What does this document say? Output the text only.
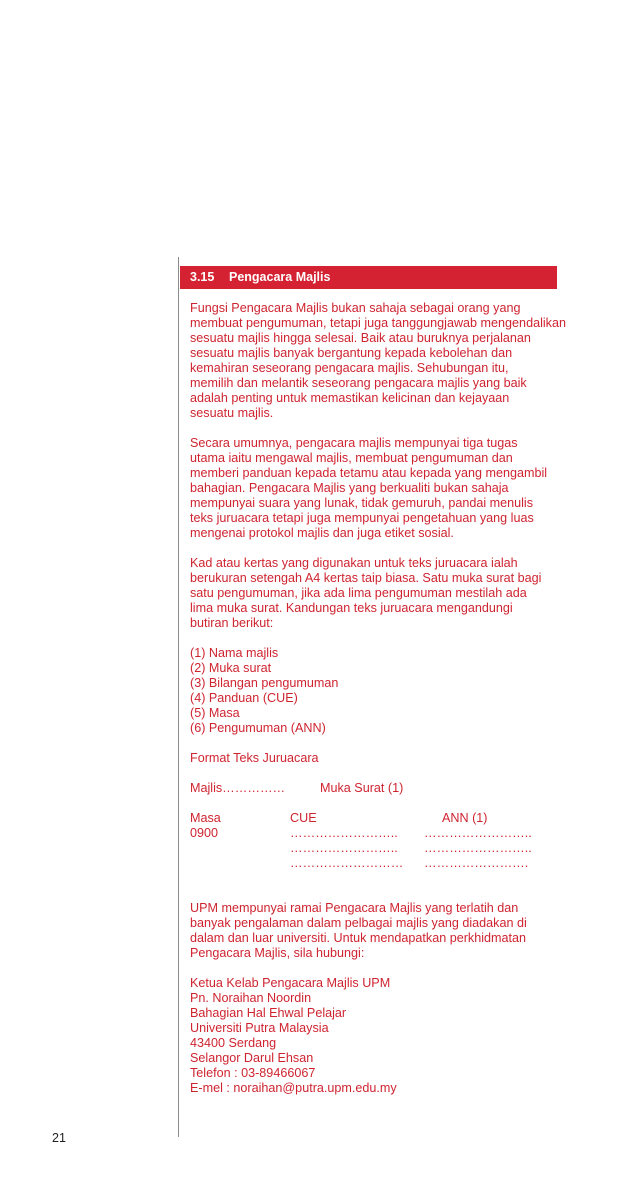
3.15 Pengacara Majlis
Fungsi Pengacara Majlis bukan sahaja sebagai orang yang
membuat pengumuman, tetapi juga tanggungjawab mengendalikan
sesuatu majlis hingga selesai. Baik atau buruknya perjalanan
sesuatu majlis banyak bergantung kepada kebolehan dan
kemahiran seseorang pengacara majlis. Sehubungan itu,
memilih dan melantik seseorang pengacara majlis yang baik
adalah penting untuk memastikan kelicinan dan kejayaan
sesuatu majlis.
Secara umumnya, pengacara majlis mempunyai tiga tugas
utama iaitu mengawal majlis, membuat pengumuman dan
memberi panduan kepada tetamu atau kepada yang mengambil
bahagian. Pengacara Majlis yang berkualiti bukan sahaja
mempunyai suara yang lunak, tidak gemuruh, pandai menulis
teks juruacara tetapi juga mempunyai pengetahuan yang luas
mengenai protokol majlis dan juga etiket sosial.
Kad atau kertas yang digunakan untuk teks juruacara ialah
berukuran setengah A4 kertas taip biasa. Satu muka surat bagi
satu pengumuman, jika ada lima pengumuman mestilah ada
lima muka surat. Kandungan teks juruacara mengandungi
butiran berikut:
(1) Nama majlis
(2) Muka surat
(3) Bilangan pengumuman
(4) Panduan (CUE)
(5) Masa
(6) Pengumuman (ANN)
Format Teks Juruacara
Majlis……………	Muka Surat (1)
Masa	CUE	ANN (1)
0900	…………………….. ……………………..
…………………….. ……………………..
……………………… …………………….
UPM mempunyai ramai Pengacara Majlis yang terlatih dan
banyak pengalaman dalam pelbagai majlis yang diadakan di
dalam dan luar universiti. Untuk mendapatkan perkhidmatan
Pengacara Majlis, sila hubungi:
Ketua Kelab Pengacara Majlis UPM
Pn. Noraihan Noordin
Bahagian Hal Ehwal Pelajar
Universiti Putra Malaysia
43400 Serdang
Selangor Darul Ehsan
Telefon : 03-89466067
E-mel : noraihan@putra.upm.edu.my
21
